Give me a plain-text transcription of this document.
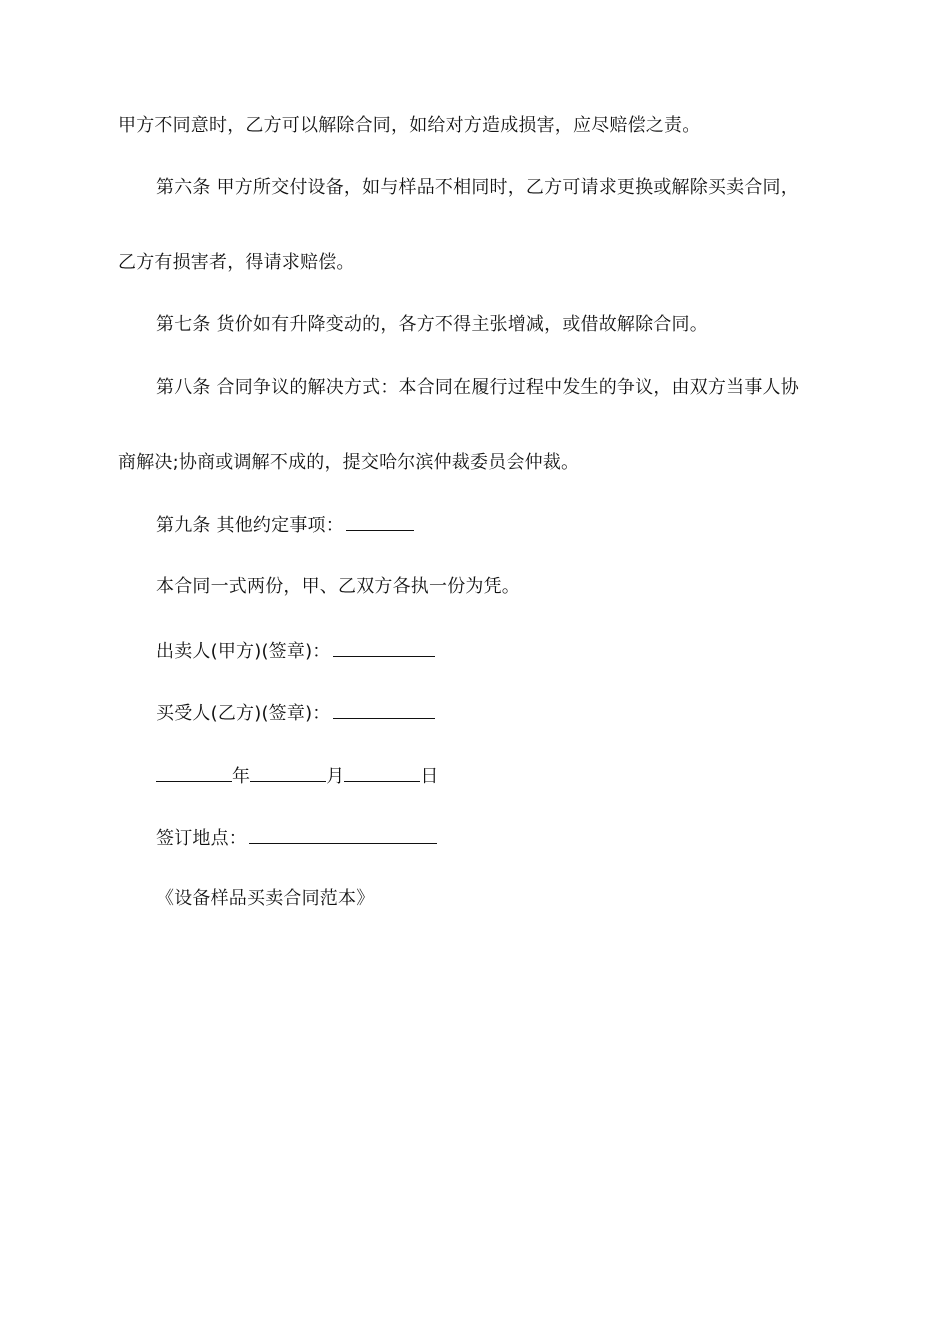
甲方不同意时，乙方可以解除合同，如给对方造成损害，应尽赔偿之责。
第六条 甲方所交付设备，如与样品不相同时，乙方可请求更换或解除买卖合同，
乙方有损害者，得请求赔偿。
第七条 货价如有升降变动的，各方不得主张增减，或借故解除合同。
第八条 合同争议的解决方式：本合同在履行过程中发生的争议，由双方当事人协
商解决;协商或调解不成的，提交哈尔滨仲裁委员会仲裁。
第九条 其他约定事项：
本合同一式两份，甲、乙双方各执一份为凭。
出卖人(甲方)(签章)：
买受人(乙方)(签章)：
年	月	日
签订地点：
《设备样品买卖合同范本》
